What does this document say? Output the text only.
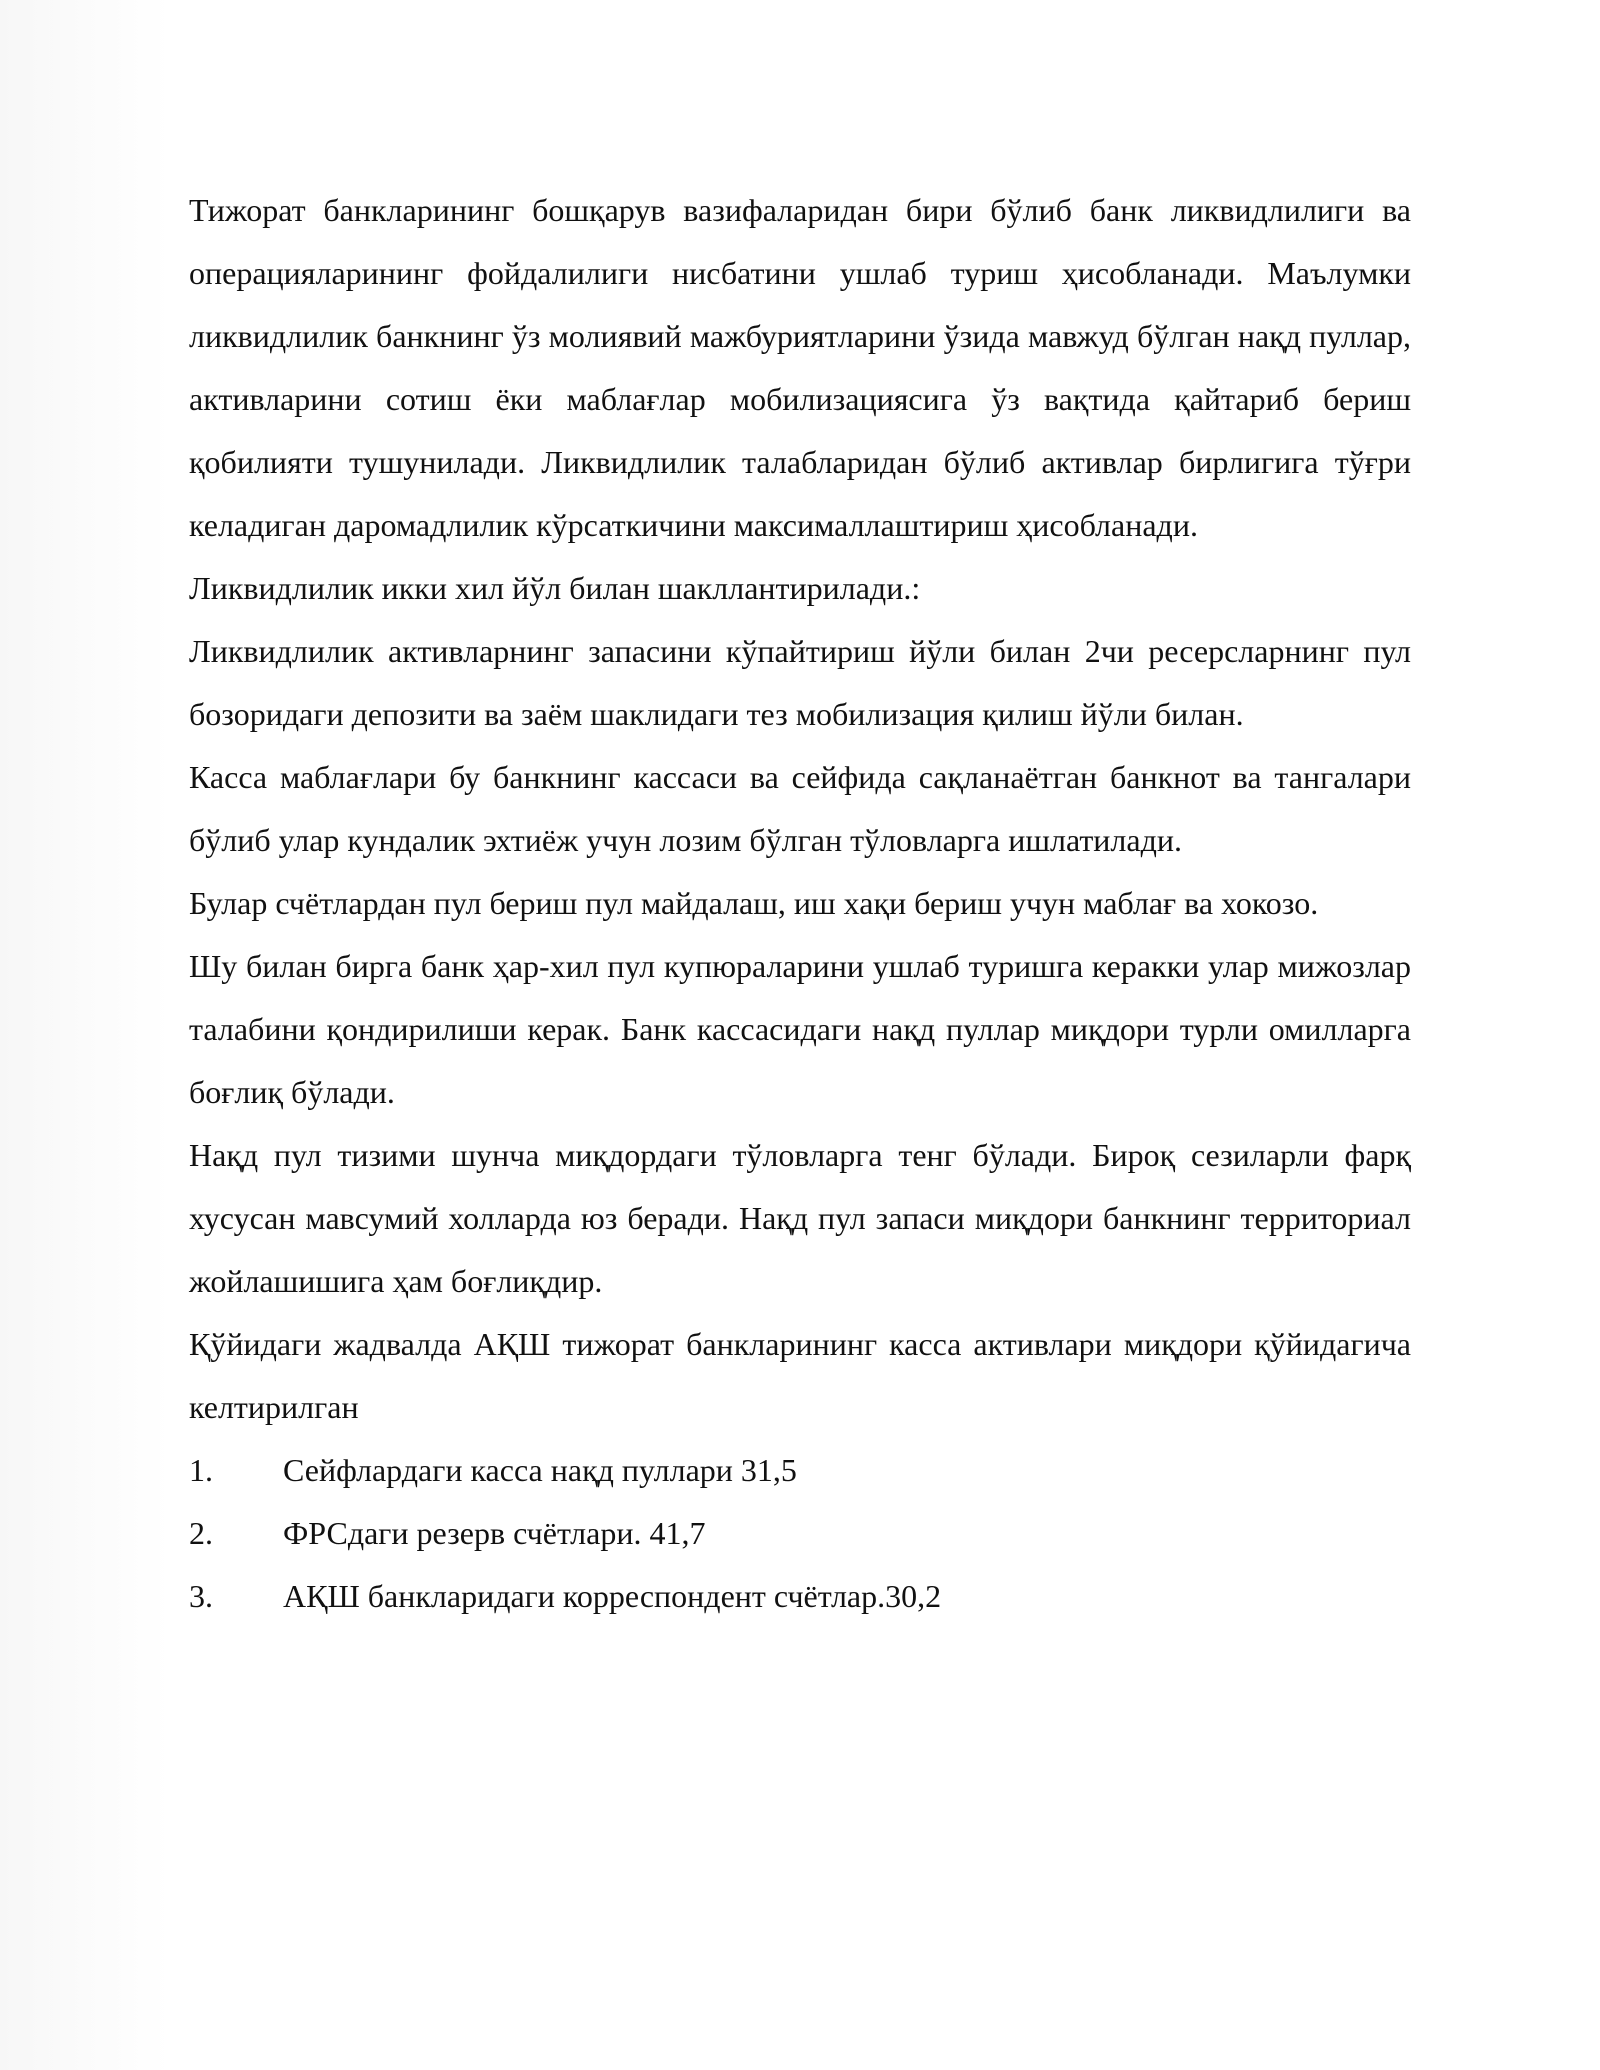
Тижорат банкларининг бошқарув вазифаларидан бири бўлиб банк ликвидлилиги ва операцияларининг фойдалилиги нисбатини ушлаб туриш ҳисобланади. Маълумки ликвидлилик банкнинг ўз молиявий мажбуриятларини ўзида мавжуд бўлган нақд пуллар, активларини сотиш ёки маблағлар мобилизациясига ўз вақтида қайтариб бериш қобилияти тушунилади. Ликвидлилик талабларидан бўлиб активлар бирлигига тўғри келадиган даромадлилик кўрсаткичини максималлаштириш ҳисобланади.

Ликвидлилик икки хил йўл билан шакллантирилади.:

Ликвидлилик активларнинг запасини кўпайтириш йўли билан 2чи ресерсларнинг пул бозоридаги депозити ва заём шаклидаги тез мобилизация қилиш йўли билан.

Касса маблағлари бу банкнинг кассаси ва сейфида сақланаётган банкнот ва тангалари бўлиб улар кундалик эхтиёж учун лозим бўлган тўловларга ишлатилади.

Булар счётлардан пул бериш пул майдалаш, иш хақи бериш учун маблағ ва хокозо.

Шу билан бирга банк ҳар-хил пул купюраларини ушлаб туришга керакки улар мижозлар талабини қондирилиши керак. Банк кассасидаги нақд пуллар миқдори турли омилларга боғлиқ бўлади.

Нақд пул тизими шунча миқдордаги тўловларга тенг бўлади. Бироқ сезиларли фарқ хусусан мавсумий холларда юз беради. Нақд пул запаси миқдори банкнинг территориал жойлашишига ҳам боғлиқдир.

Қўйидаги жадвалда АҚШ тижорат банкларининг касса активлари миқдори қўйидагича келтирилган

1.	Сейфлардаги касса нақд пуллари 31,5
2.	ФРСдаги резерв счётлари. 41,7
3.	АҚШ банкларидаги корреспондент счётлар.30,2
